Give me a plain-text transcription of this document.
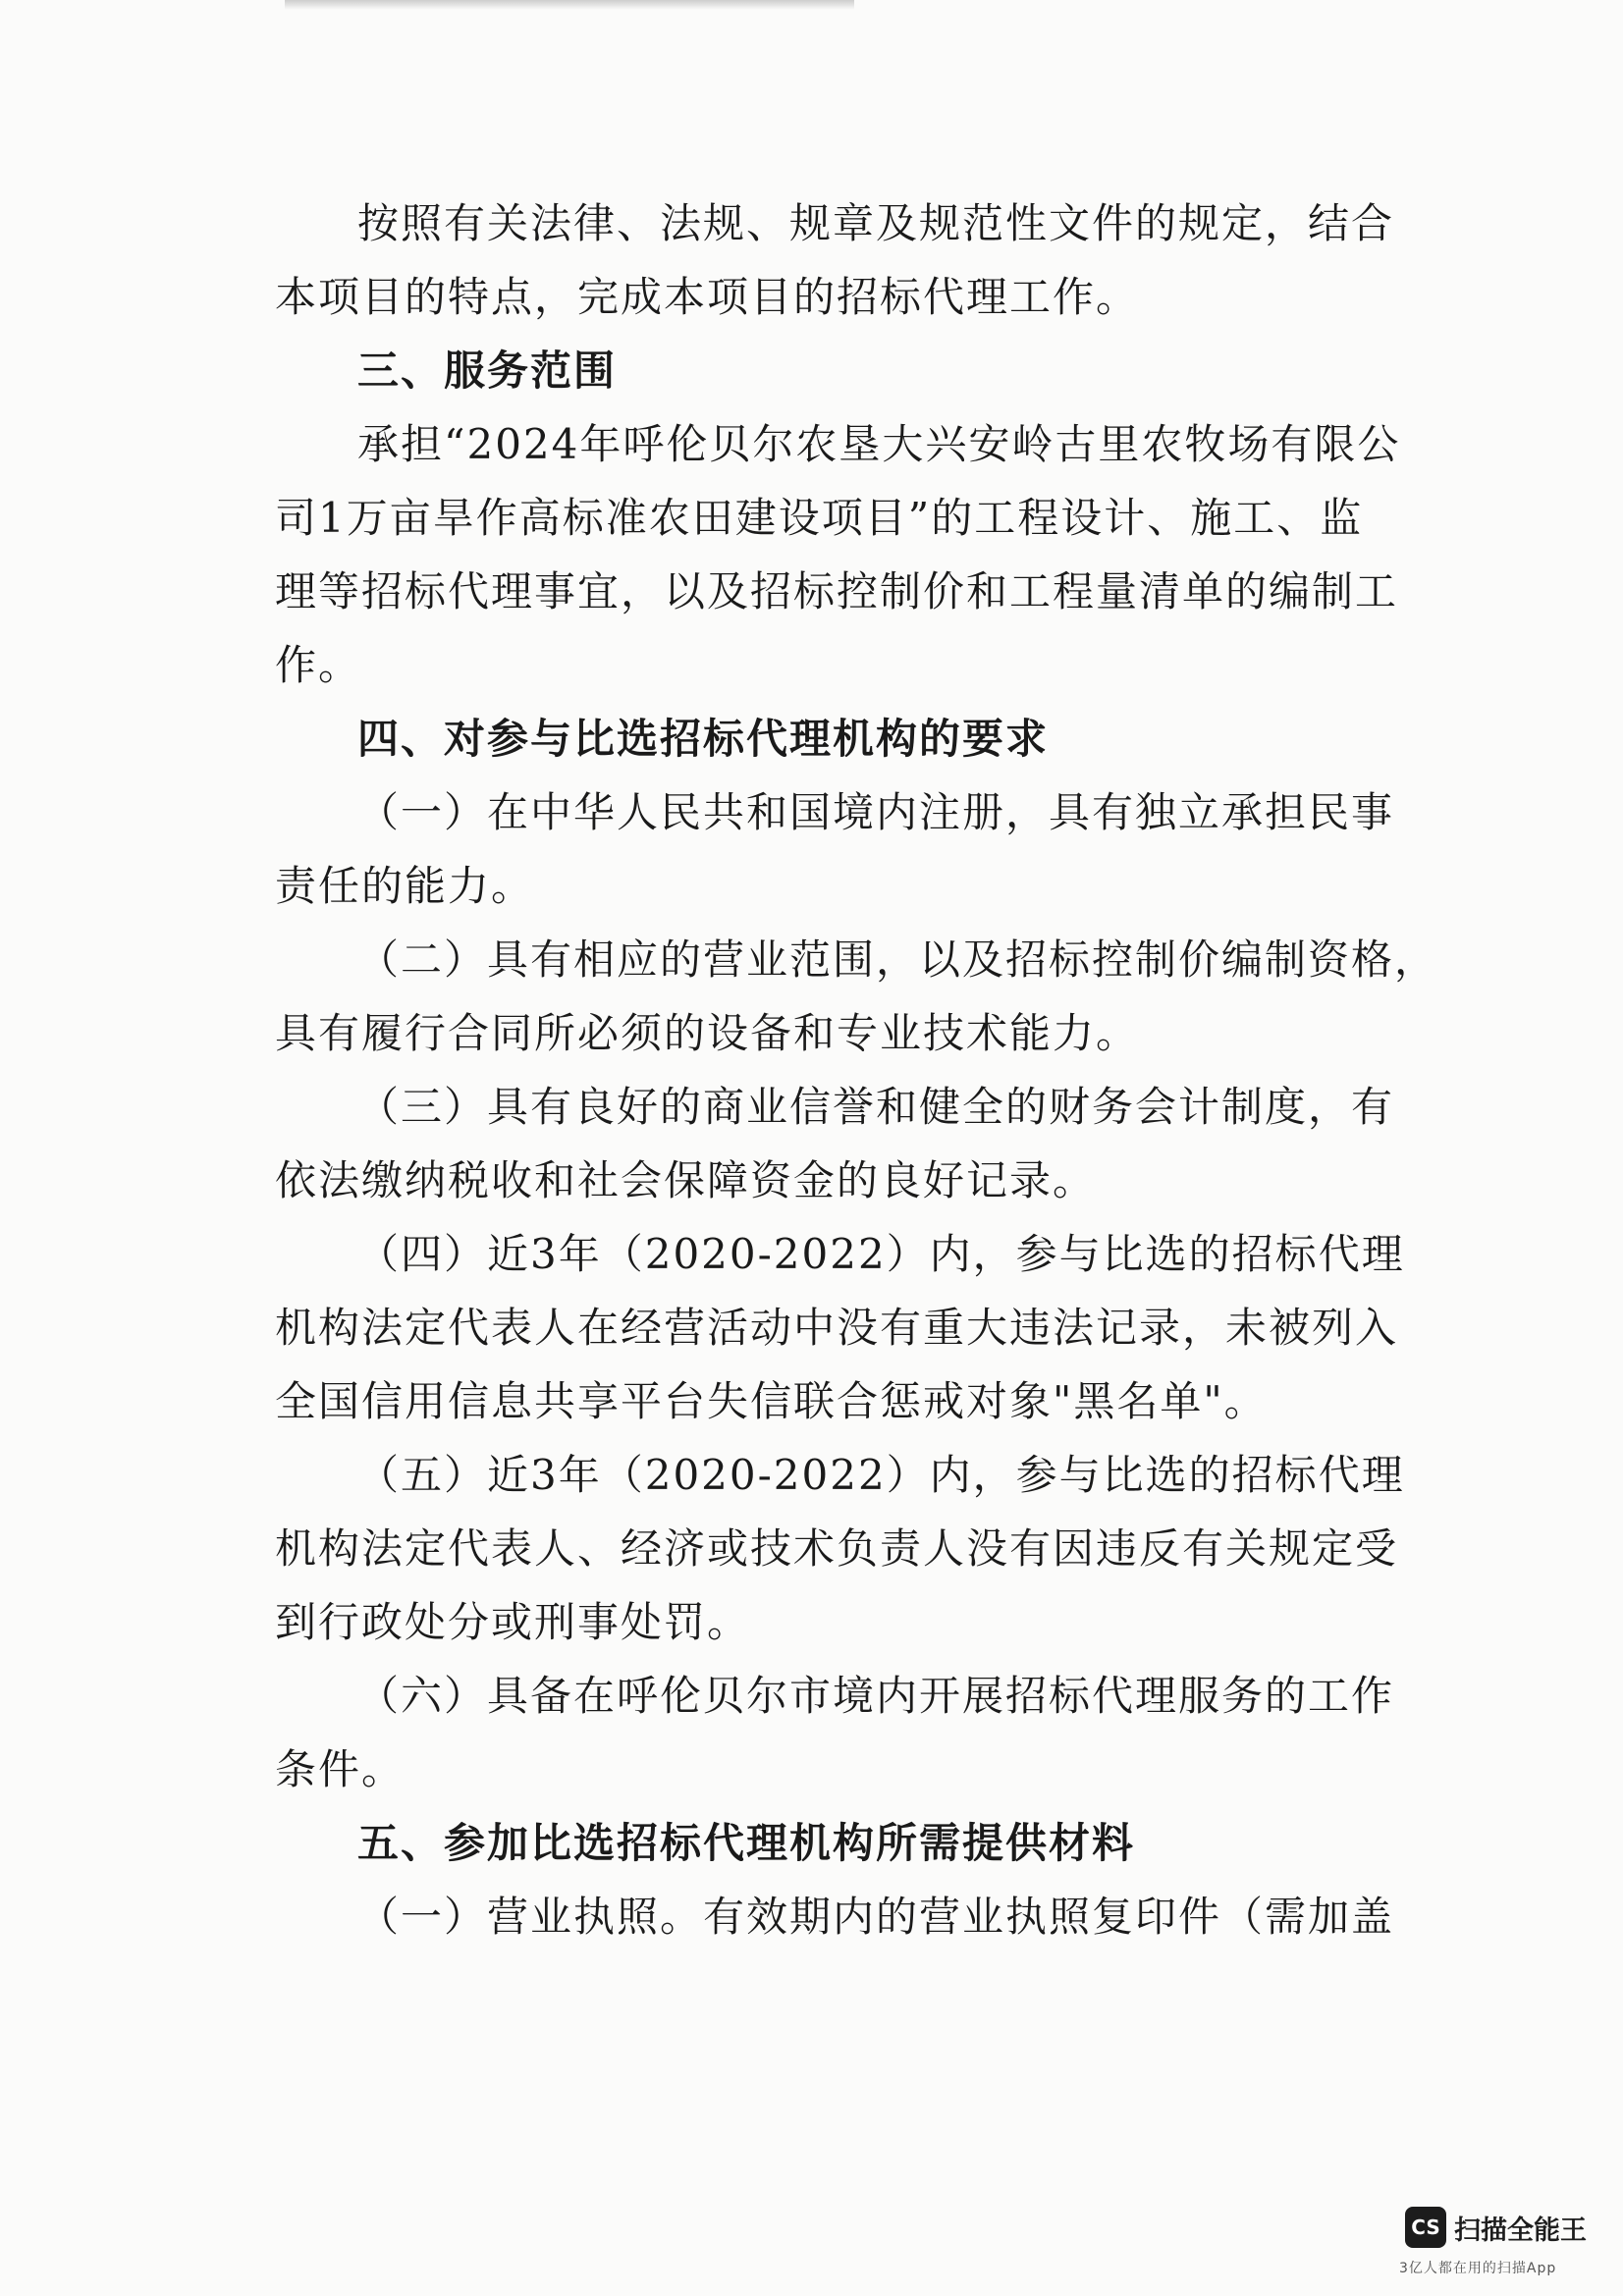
按照有关法律、法规、规章及规范性文件的规定，结合
本项目的特点，完成本项目的招标代理工作。
三、服务范围
承担“2024年呼伦贝尔农垦大兴安岭古里农牧场有限公
司1万亩旱作高标准农田建设项目”的工程设计、施工、监
理等招标代理事宜，以及招标控制价和工程量清单的编制工
作。
四、对参与比选招标代理机构的要求
（一）在中华人民共和国境内注册，具有独立承担民事
责任的能力。
（二）具有相应的营业范围，以及招标控制价编制资格，
具有履行合同所必须的设备和专业技术能力。
（三）具有良好的商业信誉和健全的财务会计制度，有
依法缴纳税收和社会保障资金的良好记录。
（四）近3年（2020-2022）内，参与比选的招标代理
机构法定代表人在经营活动中没有重大违法记录，未被列入
全国信用信息共享平台失信联合惩戒对象"黑名单"。
（五）近3年（2020-2022）内，参与比选的招标代理
机构法定代表人、经济或技术负责人没有因违反有关规定受
到行政处分或刑事处罚。
（六）具备在呼伦贝尔市境内开展招标代理服务的工作
条件。
五、参加比选招标代理机构所需提供材料
（一）营业执照。有效期内的营业执照复印件（需加盖
CS 扫描全能王
3亿人都在用的扫描App
